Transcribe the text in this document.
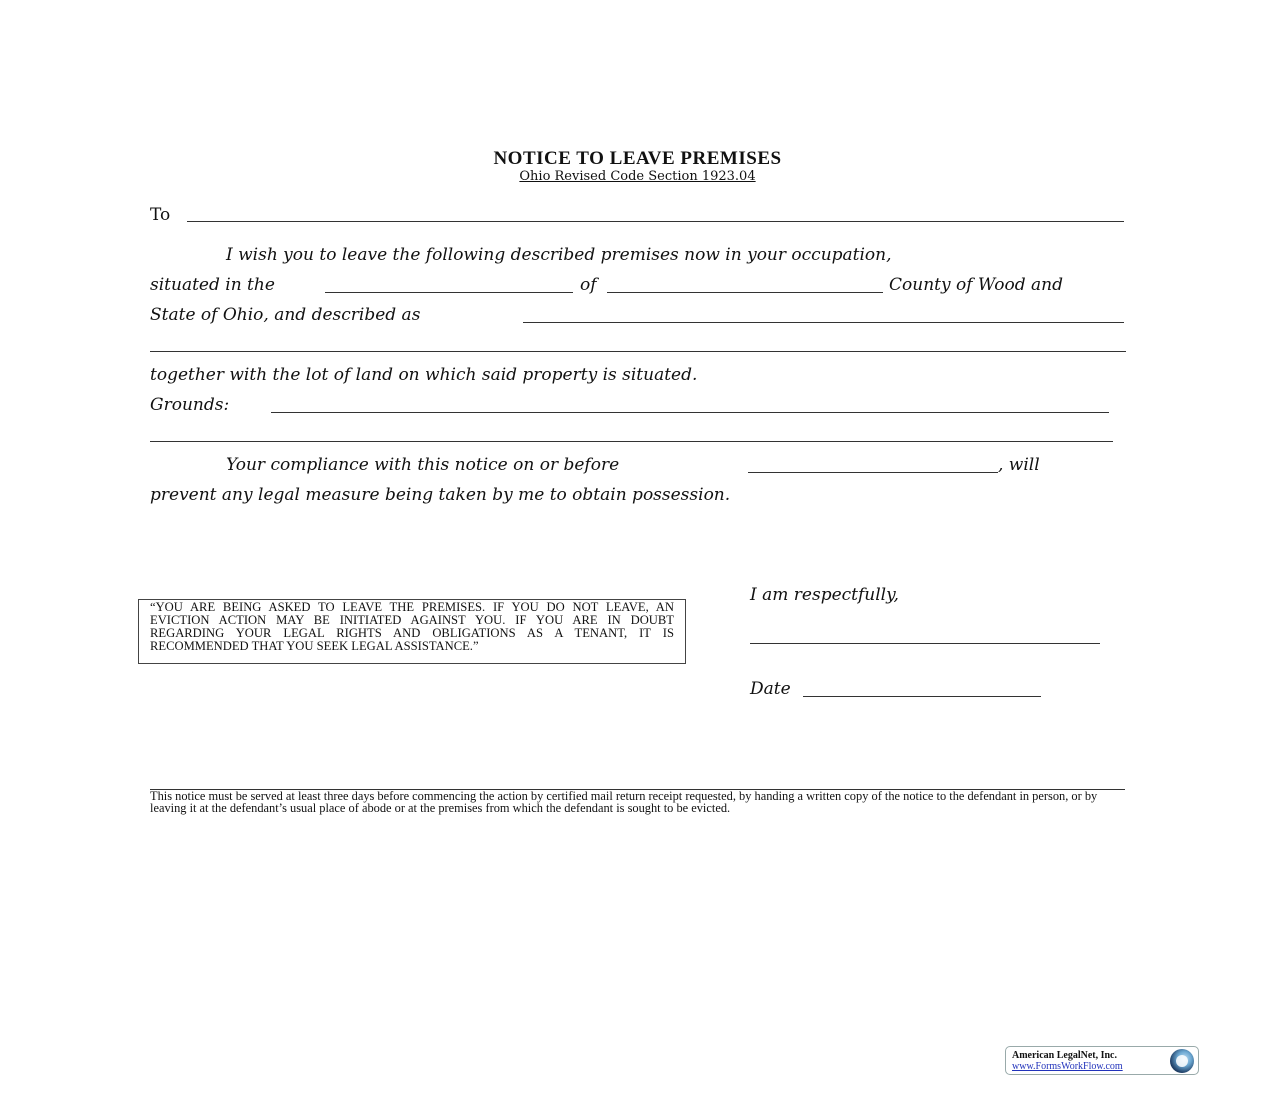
NOTICE TO LEAVE PREMISES
Ohio Revised Code Section 1923.04
To
I wish you to leave the following described premises now in your occupation,
situated in the	of	County of Wood and
State of Ohio, and described as
together with the lot of land on which said property is situated.
Grounds:
Your compliance with this notice on or before	, will
prevent any legal measure being taken by me to obtain possession.
“YOU ARE BEING ASKED TO LEAVE THE PREMISES. IF YOU DO NOT LEAVE, AN EVICTION ACTION MAY BE INITIATED AGAINST YOU. IF YOU ARE IN DOUBT REGARDING YOUR LEGAL RIGHTS AND OBLIGATIONS AS A TENANT, IT IS RECOMMENDED THAT YOU SEEK LEGAL ASSISTANCE.”
I am respectfully,
Date
This notice must be served at least three days before commencing the action by certified mail return receipt requested, by handing a written copy of the notice to the defendant in person, or by leaving it at the defendant’s usual place of abode or at the premises from which the defendant is sought to be evicted.
American LegalNet, Inc.
www.FormsWorkFlow.com
